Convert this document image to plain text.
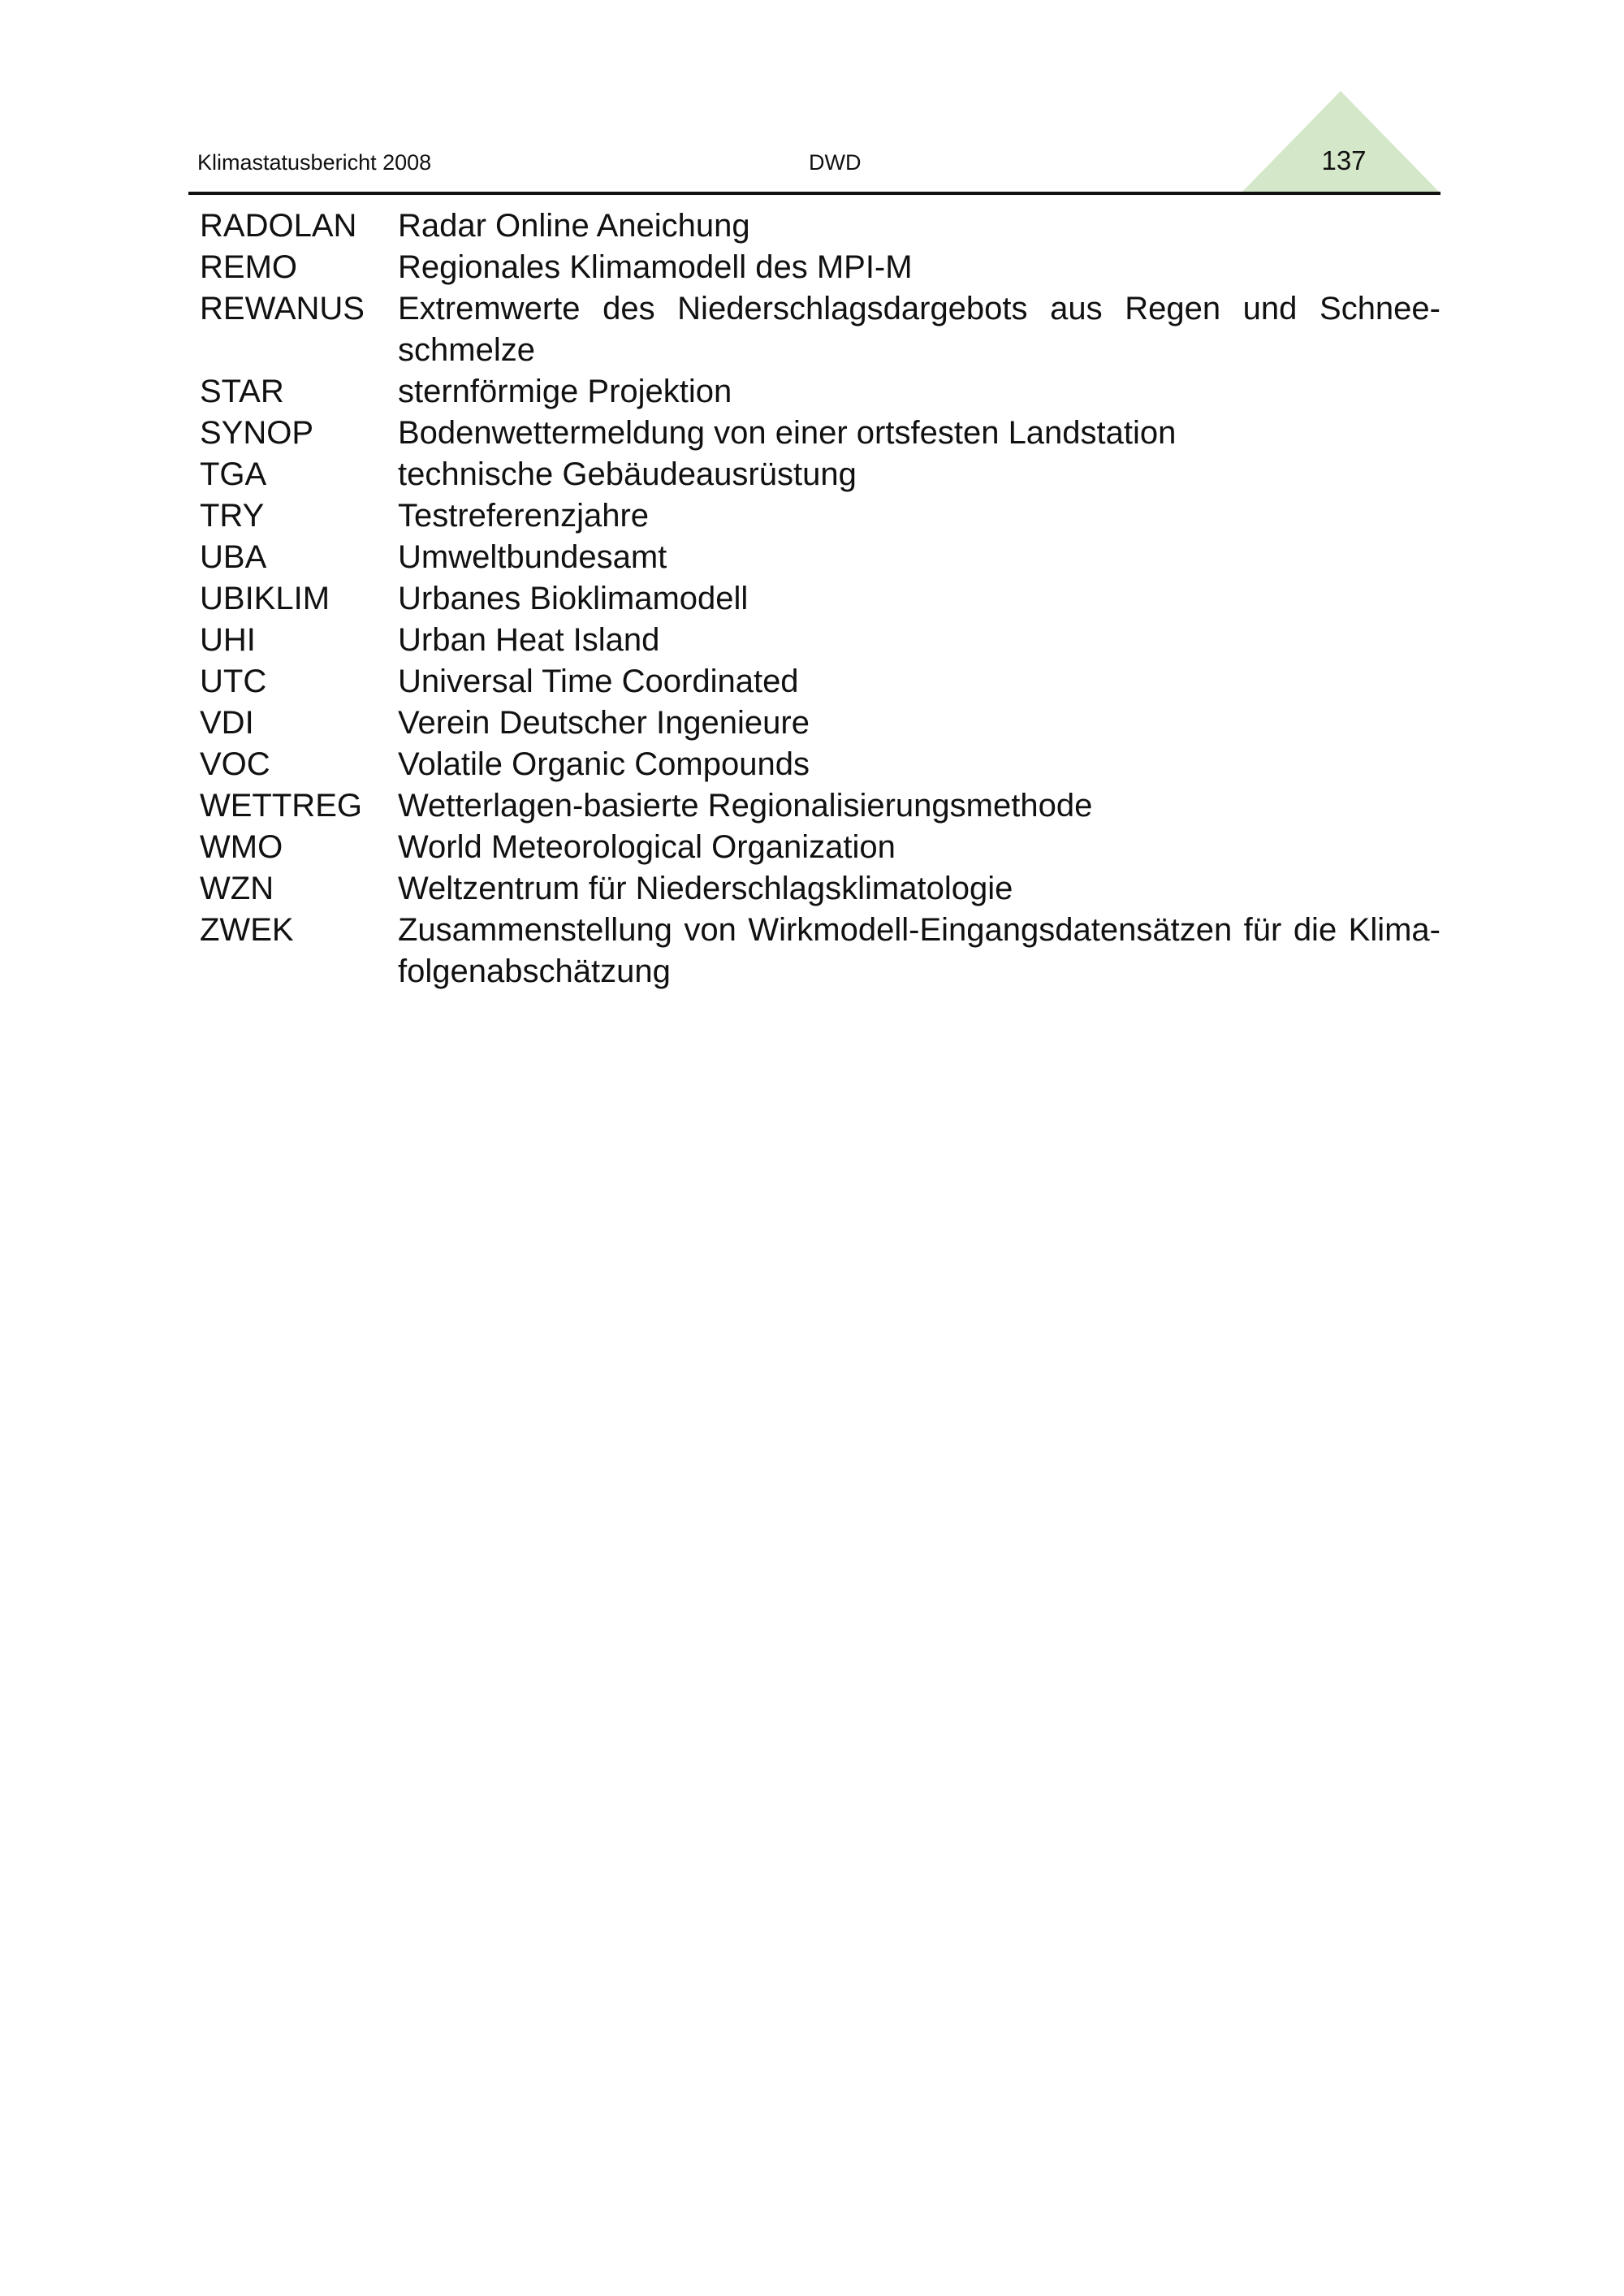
Klimastatusbericht 2008	DWD	137
RADOLAN	Radar Online Aneichung
REMO	Regionales Klimamodell des MPI-M
REWANUS	Extremwerte des Niederschlagsdargebots aus Regen und Schnee-schmelze
STAR	sternförmige Projektion
SYNOP	Bodenwettermeldung von einer ortsfesten Landstation
TGA	technische Gebäudeausrüstung
TRY	Testreferenzjahre
UBA	Umweltbundesamt
UBIKLIM	Urbanes Bioklimamodell
UHI	Urban Heat Island
UTC	Universal Time Coordinated
VDI	Verein Deutscher Ingenieure
VOC	Volatile Organic Compounds
WETTREG	Wetterlagen-basierte Regionalisierungsmethode
WMO	World Meteorological Organization
WZN	Weltzentrum für Niederschlagsklimatologie
ZWEK	Zusammenstellung von Wirkmodell-Eingangsdatensätzen für die Klima-folgenabschätzung
